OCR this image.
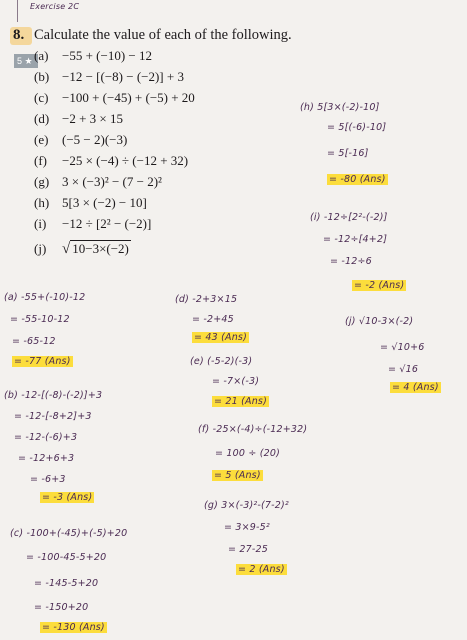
Exercise 2C
8. Calculate the value of each of the following.
5 ★ (a) −55 + (−10) − 12
(b) −12 − [(−8) − (−2)] + 3
(c) −100 + (−45) + (−5) + 20
(d) −2 + 3 × 15
(e) (−5 − 2)(−3)
(f) −25 × (−4) ÷ (−12 + 32)
(g) 3 × (−3)² − (7 − 2)²
(h) 5[3 × (−2) − 10]
(i) −12 ÷ [2² − (−2)]
(j) √ 10−3×(−2)
(h) 5[3×(-2)-10]
= 5[(-6)-10]
= 5[-16]
= -80 (Ans)
(i) -12÷[2²-(-2)]
= -12÷[4+2]
= -12÷6
= -2 (Ans)
(j) √10-3×(-2)
= √10+6
= √16
= 4 (Ans)
(a) -55+(-10)-12
= -55-10-12
= -65-12
= -77 (Ans)
(b) -12-[(-8)-(-2)]+3
= -12-[-8+2]+3
= -12-(-6)+3
= -12+6+3
= -6+3
= -3 (Ans)
(c) -100+(-45)+(-5)+20
= -100-45-5+20
= -145-5+20
= -150+20
= -130 (Ans)
(d) -2+3×15
= -2+45
= 43 (Ans)
(e) (-5-2)(-3)
= -7×(-3)
= 21 (Ans)
(f) -25×(-4)÷(-12+32)
= 100 ÷ (20)
= 5 (Ans)
(g) 3×(-3)²-(7-2)²
= 3×9-5²
= 27-25
= 2 (Ans)
